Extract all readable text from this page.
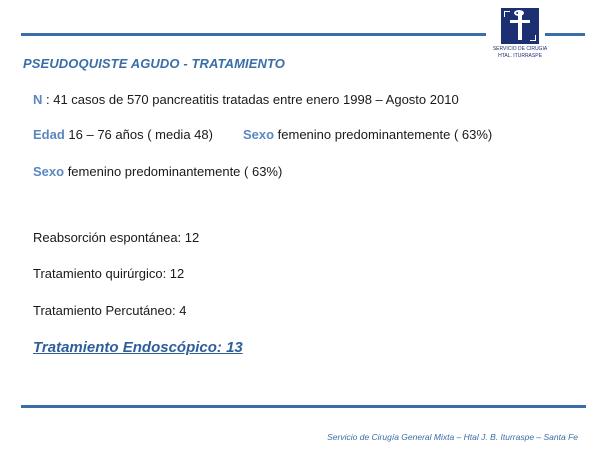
SERVICIO DE CIRUGIA
HTAL. ITURRASPE
PSEUDOQUISTE AGUDO - TRATAMIENTO
N : 41 casos de 570 pancreatitis tratadas entre enero 1998 – Agosto 2010
Edad 16 – 76 años ( media 48) Sexo femenino predominantemente ( 63%)
Sexo femenino predominantemente ( 63%)
Reabsorción espontánea: 12
Tratamiento quirúrgico: 12
Tratamiento Percutáneo: 4
Tratamiento Endoscópico: 13
Servicio de Cirugía General Mixta – Htal J. B. Iturraspe – Santa Fe
